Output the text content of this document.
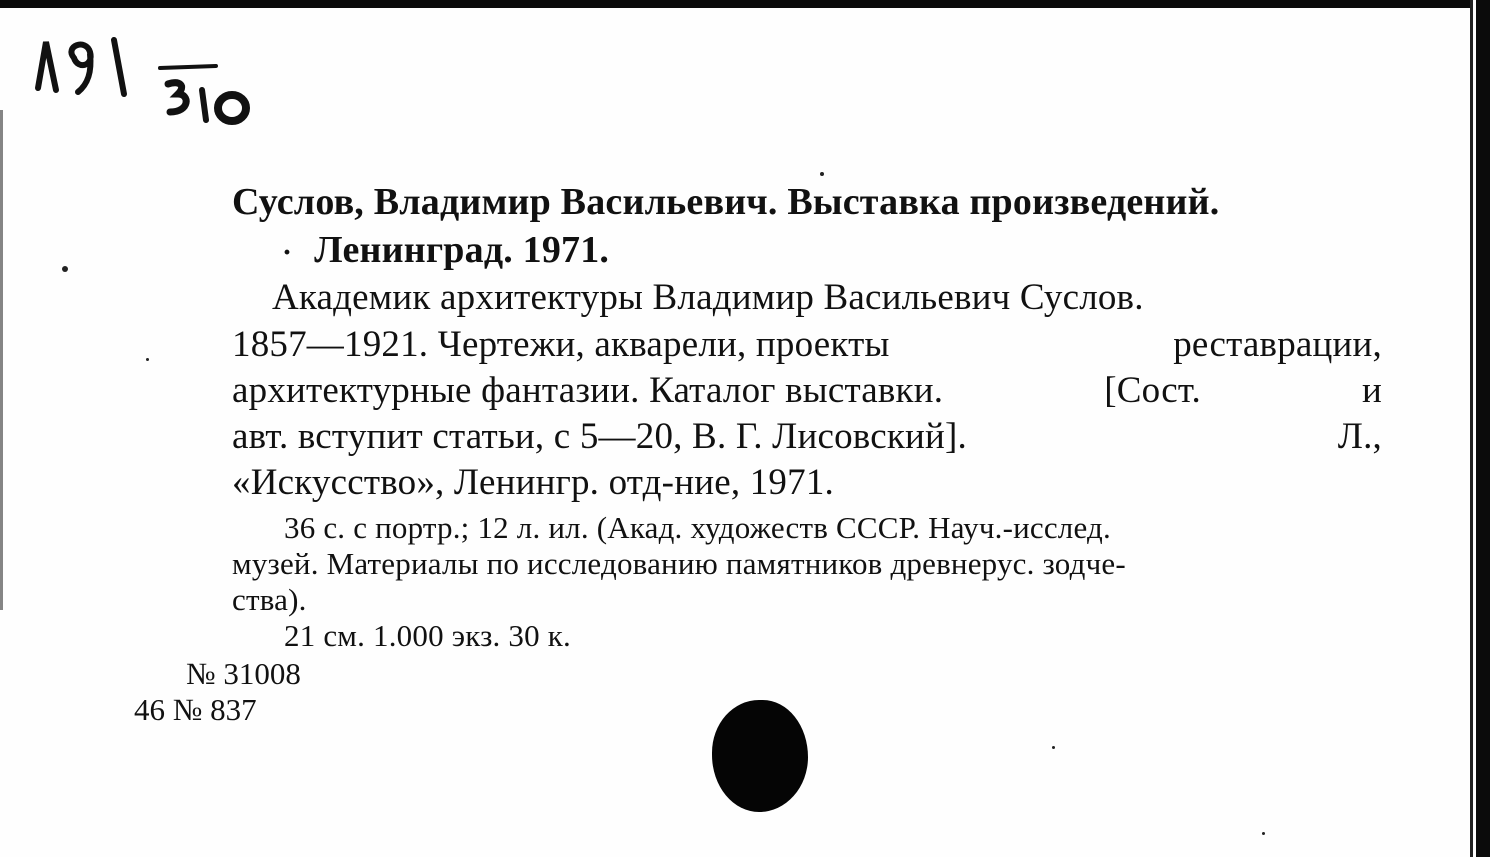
Суслов, Владимир Васильевич. Выставка произведений.
· Ленинград. 1971.
Академик архитектуры Владимир Васильевич Суслов.
1857—1921. Чертежи, акварели, проекты	реставрации,
архитектурные фантазии. Каталог выставки.	[Сост.	и
авт. вступит статьи, с 5—20, В. Г. Лисовский].	Л.,
«Искусство», Ленингр. отд-ние, 1971.
36 с. с портр.; 12 л. ил. (Акад. художеств СССР. Науч.-исслед.
музей. Материалы по исследованию памятников древнерус. зодче-
ства).
21 см. 1.000 экз. 30 к.
№ 31008
46 № 837
